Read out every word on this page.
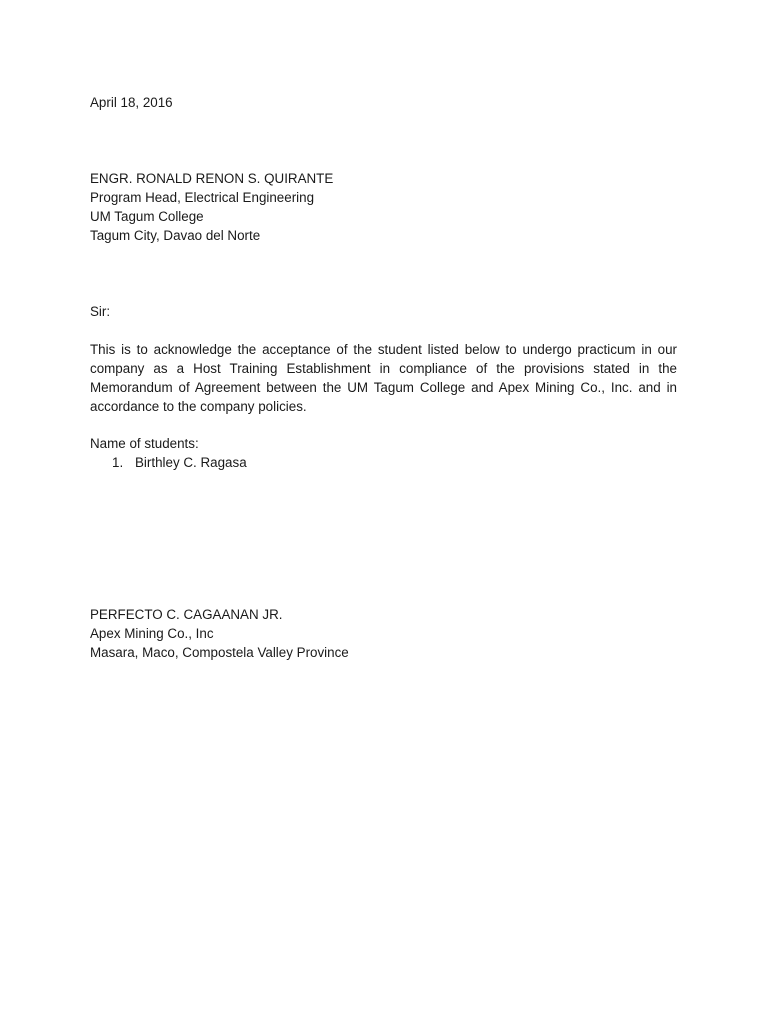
April 18, 2016
ENGR. RONALD RENON S. QUIRANTE
Program Head, Electrical Engineering
UM Tagum College
Tagum City, Davao del Norte
Sir:
This is to acknowledge the acceptance of the student listed below to undergo practicum in our company as a Host Training Establishment in compliance of the provisions stated in the Memorandum of Agreement between the UM Tagum College and Apex Mining Co., Inc. and in accordance to the company policies.
Name of students:
1. Birthley C. Ragasa
PERFECTO C. CAGAANAN JR.
Apex Mining Co., Inc
Masara, Maco, Compostela Valley Province
